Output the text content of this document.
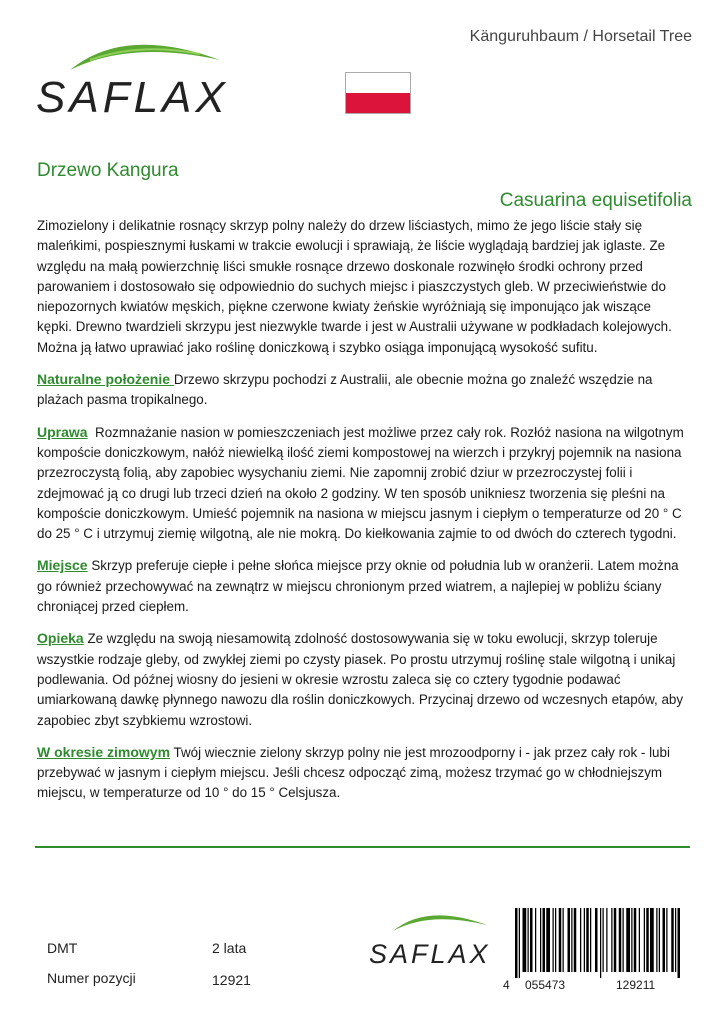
SAFLAX
Känguruhbaum / Horsetail Tree
Drzewo Kangura
Casuarina equisetifolia

Zimozielony i delikatnie rosnący skrzyp polny należy do drzew liściastych, mimo że jego liście stały się maleńkimi, pospiesznymi łuskami w trakcie ewolucji i sprawiają, że liście wyglądają bardziej jak iglaste. Ze względu na małą powierzchnię liści smukłe rosnące drzewo doskonale rozwinęło środki ochrony przed parowaniem i dostosowało się odpowiednio do suchych miejsc i piaszczystych gleb. W przeciwieństwie do niepozornych kwiatów męskich, piękne czerwone kwiaty żeńskie wyróżniają się imponująco jak wiszące kępki. Drewno twardzieli skrzypu jest niezwykle twarde i jest w Australii używane w podkładach kolejowych. Można ją łatwo uprawiać jako roślinę doniczkową i szybko osiąga imponującą wysokość sufitu.

Naturalne położenie Drzewo skrzypu pochodzi z Australii, ale obecnie można go znaleźć wszędzie na plażach pasma tropikalnego.

Uprawa Rozmnażanie nasion w pomieszczeniach jest możliwe przez cały rok. Rozłóż nasiona na wilgotnym kompoście doniczkowym, nałóż niewielką ilość ziemi kompostowej na wierzch i przykryj pojemnik na nasiona przezroczystą folią, aby zapobiec wysychaniu ziemi. Nie zapomnij zrobić dziur w przezroczystej folii i zdejmować ją co drugi lub trzeci dzień na około 2 godziny. W ten sposób unikniesz tworzenia się pleśni na kompoście doniczkowym. Umieść pojemnik na nasiona w miejscu jasnym i ciepłym o temperaturze od 20 ° C do 25 ° C i utrzymuj ziemię wilgotną, ale nie mokrą. Do kiełkowania zajmie to od dwóch do czterech tygodni.

Miejsce Skrzyp preferuje ciepłe i pełne słońca miejsce przy oknie od południa lub w oranżerii. Latem można go również przechowywać na zewnątrz w miejscu chronionym przed wiatrem, a najlepiej w pobliżu ściany chroniącej przed ciepłem.

Opieka Ze względu na swoją niesamowitą zdolność dostosowywania się w toku ewolucji, skrzyp toleruje wszystkie rodzaje gleby, od zwykłej ziemi po czysty piasek. Po prostu utrzymuj roślinę stale wilgotną i unikaj podlewania. Od późnej wiosny do jesieni w okresie wzrostu zaleca się co cztery tygodnie podawać umiarkowaną dawkę płynnego nawozu dla roślin doniczkowych. Przycinaj drzewo od wczesnych etapów, aby zapobiec zbyt szybkiemu wzrostowi.

W okresie zimowym Twój wiecznie zielony skrzyp polny nie jest mrozoodporny i - jak przez cały rok - lubi przebywać w jasnym i ciepłym miejscu. Jeśli chcesz odpocząć zimą, możesz trzymać go w chłodniejszym miejscu, w temperaturze od 10 ° do 15 ° Celsjusza.

DMT	2 lata
Numer pozycji	12921
SAFLAX
4 055473	129211
